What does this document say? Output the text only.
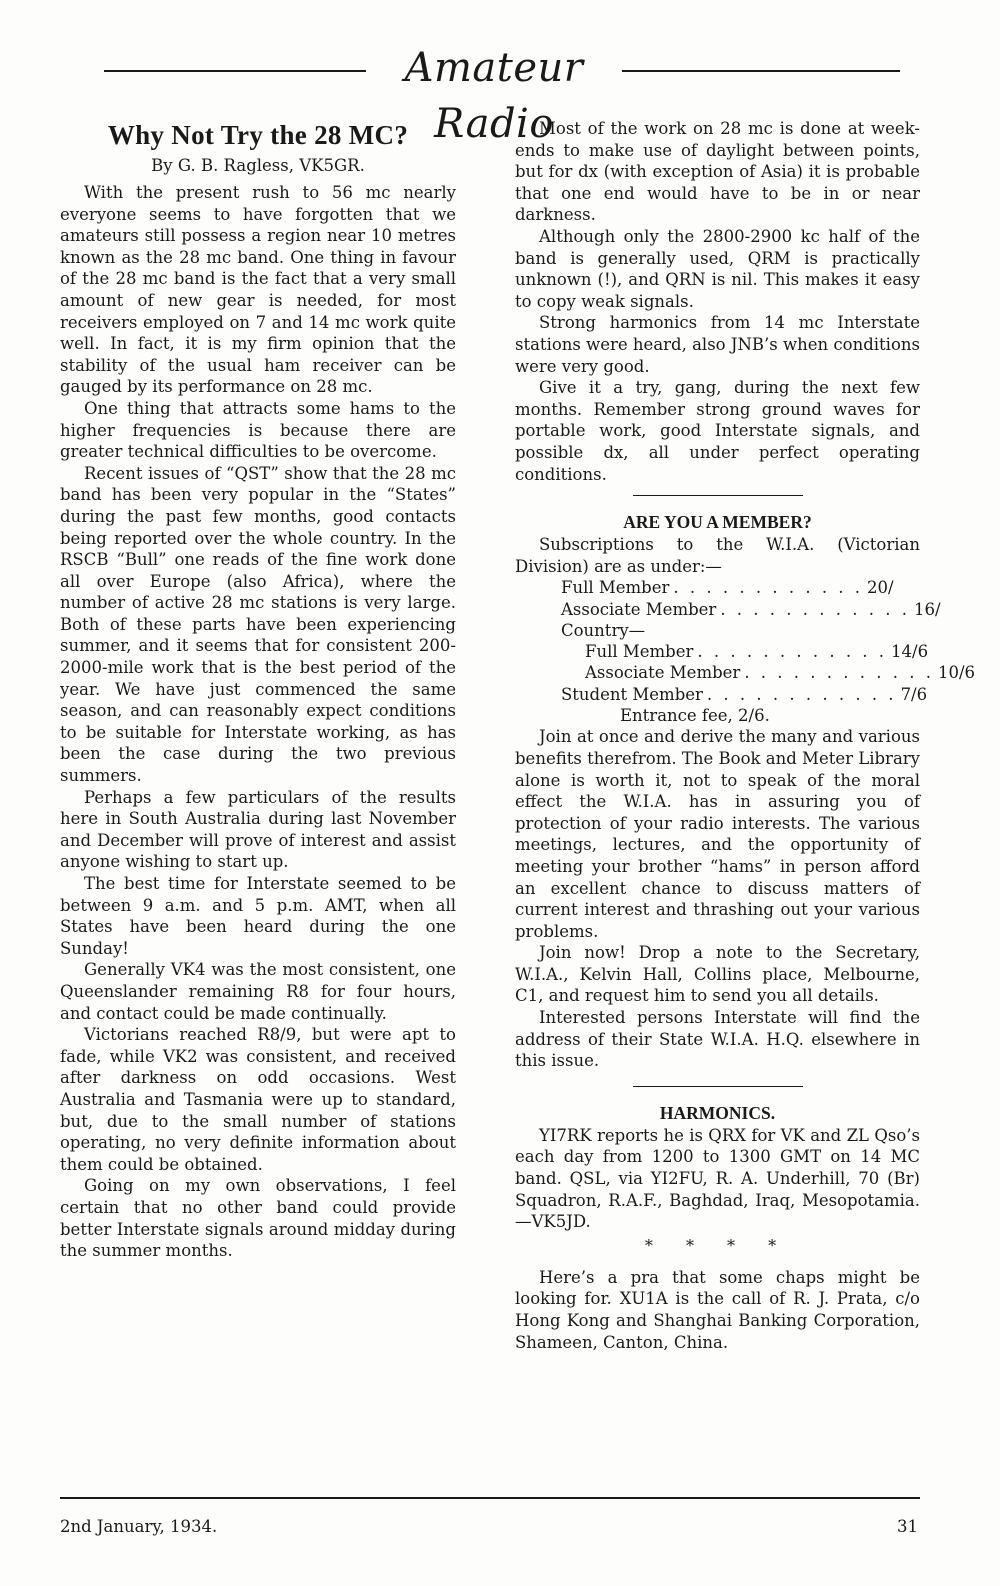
Amateur Radio
Why Not Try the 28 MC?
By G. B. Ragless, VK5GR.

With the present rush to 56 mc nearly everyone seems to have forgotten that we amateurs still possess a region near 10 metres known as the 28 mc band. One thing in favour of the 28 mc band is the fact that a very small amount of new gear is needed, for most receivers employed on 7 and 14 mc work quite well. In fact, it is my firm opinion that the stability of the usual ham receiver can be gauged by its performance on 28 mc.

One thing that attracts some hams to the higher frequencies is because there are greater technical difficulties to be overcome.

Recent issues of “QST” show that the 28 mc band has been very popular in the “States” during the past few months, good contacts being reported over the whole country. In the RSCB “Bull” one reads of the fine work done all over Europe (also Africa), where the number of active 28 mc stations is very large. Both of these parts have been experiencing summer, and it seems that for consistent 200-2000-mile work that is the best period of the year. We have just commenced the same season, and can reasonably expect conditions to be suitable for Interstate working, as has been the case during the two previous summers.

Perhaps a few particulars of the results here in South Australia during last November and December will prove of interest and assist anyone wishing to start up.

The best time for Interstate seemed to be between 9 a.m. and 5 p.m. AMT, when all States have been heard during the one Sunday!

Generally VK4 was the most consistent, one Queenslander remaining R8 for four hours, and contact could be made continually.

Victorians reached R8/9, but were apt to fade, while VK2 was consistent, and received after darkness on odd occasions. West Australia and Tasmania were up to standard, but, due to the small number of stations operating, no very definite information about them could be obtained.

Going on my own observations, I feel certain that no other band could provide better Interstate signals around midday during the summer months.

Most of the work on 28 mc is done at week-ends to make use of daylight between points, but for dx (with exception of Asia) it is probable that one end would have to be in or near darkness.

Although only the 2800-2900 kc half of the band is generally used, QRM is practically unknown (!), and QRN is nil. This makes it easy to copy weak signals.

Strong harmonics from 14 mc Interstate stations were heard, also JNB’s when conditions were very good.

Give it a try, gang, during the next few months. Remember strong ground waves for portable work, good Interstate signals, and possible dx, all under perfect operating conditions.

ARE YOU A MEMBER?

Subscriptions to the W.I.A. (Victorian Division) are as under:—

Full Member . . . . . . . . . . . . 20/
Associate Member . . . . . . . . . . . . 16/
Country—
Full Member . . . . . . . . . . . . 14/6
Associate Member . . . . . . . . . . . . 10/6
Student Member . . . . . . . . . . . . 7/6
Entrance fee, 2/6.

Join at once and derive the many and various benefits therefrom. The Book and Meter Library alone is worth it, not to speak of the moral effect the W.I.A. has in assuring you of protection of your radio interests. The various meetings, lectures, and the opportunity of meeting your brother “hams” in person afford an excellent chance to discuss matters of current interest and thrashing out your various problems.

Join now! Drop a note to the Secretary, W.I.A., Kelvin Hall, Collins place, Melbourne, C1, and request him to send you all details.

Interested persons Interstate will find the address of their State W.I.A. H.Q. elsewhere in this issue.

HARMONICS.

YI7RK reports he is QRX for VK and ZL Qso’s each day from 1200 to 1300 GMT on 14 MC band. QSL, via YI2FU, R. A. Underhill, 70 (Br) Squadron, R.A.F., Baghdad, Iraq, Mesopotamia.—VK5JD.

* * * *

Here’s a pra that some chaps might be looking for. XU1A is the call of R. J. Prata, c/o Hong Kong and Shanghai Banking Corporation, Shameen, Canton, China.

2nd January, 1934.	31
